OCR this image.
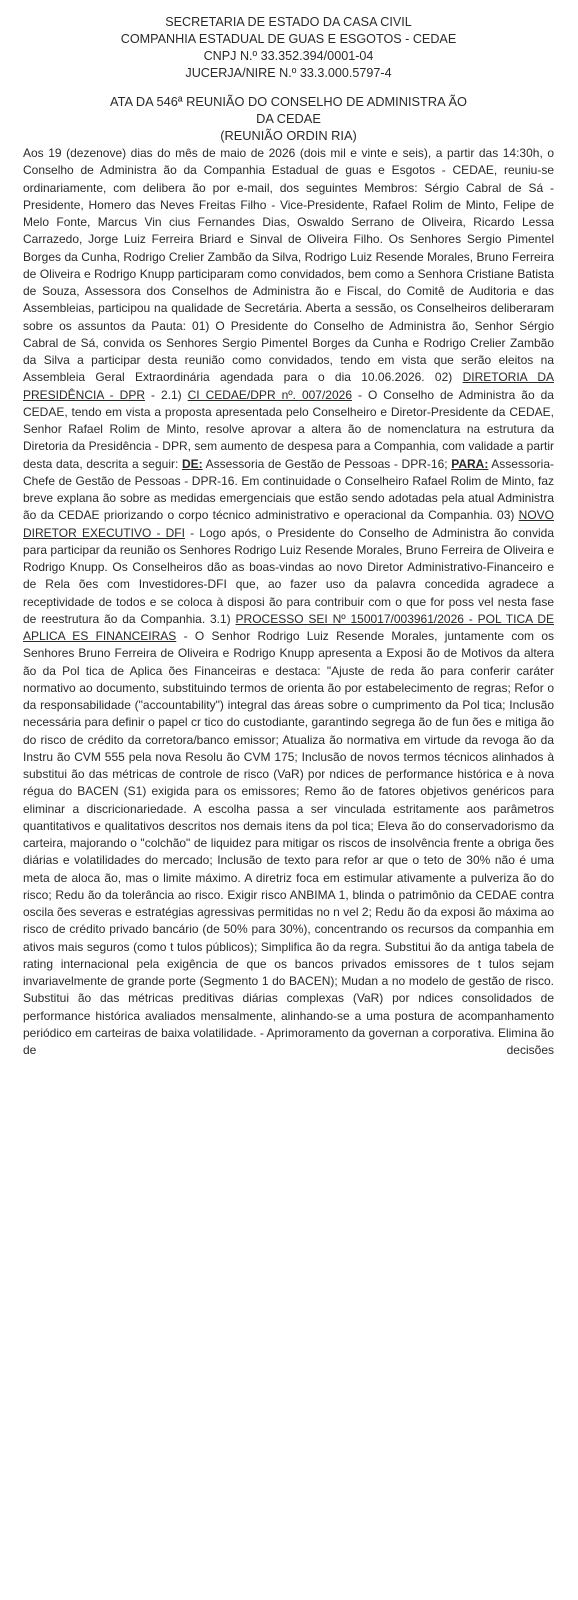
SECRETARIA DE ESTADO DA CASA CIVIL
COMPANHIA ESTADUAL DE GUAS E ESGOTOS - CEDAE
CNPJ N.º 33.352.394/0001-04
JUCERJA/NIRE N.º 33.3.000.5797-4
ATA DA 546ª REUNIÃO DO CONSELHO DE ADMINISTRA ÃO
DA CEDAE
(REUNIÃO ORDIN RIA)
Aos 19 (dezenove) dias do mês de maio de 2026 (dois mil e vinte e seis), a partir das 14:30h, o Conselho de Administra ão da Companhia Estadual de guas e Esgotos - CEDAE, reuniu-se ordinariamente, com delibera ão por e-mail, dos seguintes Membros: Sérgio Cabral de Sá - Presidente, Homero das Neves Freitas Filho - Vice-Presidente, Rafael Rolim de Minto, Felipe de Melo Fonte, Marcus Vin cius Fernandes Dias, Oswaldo Serrano de Oliveira, Ricardo Lessa Carrazedo, Jorge Luiz Ferreira Briard e Sinval de Oliveira Filho. Os Senhores Sergio Pimentel Borges da Cunha, Rodrigo Crelier Zambão da Silva, Rodrigo Luiz Resende Morales, Bruno Ferreira de Oliveira e Rodrigo Knupp participaram como convidados, bem como a Senhora Cristiane Batista de Souza, Assessora dos Conselhos de Administra ão e Fiscal, do Comitê de Auditoria e das Assembleias, participou na qualidade de Secretária. Aberta a sessão, os Conselheiros deliberaram sobre os assuntos da Pauta: 01) O Presidente do Conselho de Administra ão, Senhor Sérgio Cabral de Sá, convida os Senhores Sergio Pimentel Borges da Cunha e Rodrigo Crelier Zambão da Silva a participar desta reunião como convidados, tendo em vista que serão eleitos na Assembleia Geral Extraordinária agendada para o dia 10.06.2026. 02) DIRETORIA DA PRESIDÊNCIA - DPR - 2.1) CI CEDAE/DPR nº. 007/2026 - O Conselho de Administra ão da CEDAE, tendo em vista a proposta apresentada pelo Conselheiro e Diretor-Presidente da CEDAE, Senhor Rafael Rolim de Minto, resolve aprovar a altera ão de nomenclatura na estrutura da Diretoria da Presidência - DPR, sem aumento de despesa para a Companhia, com validade a partir desta data, descrita a seguir: DE: Assessoria de Gestão de Pessoas - DPR-16; PARA: Assessoria-Chefe de Gestão de Pessoas - DPR-16. Em continuidade o Conselheiro Rafael Rolim de Minto, faz breve explana ão sobre as medidas emergenciais que estão sendo adotadas pela atual Administra ão da CEDAE priorizando o corpo técnico administrativo e operacional da Companhia. 03) NOVO DIRETOR EXECUTIVO - DFI - Logo após, o Presidente do Conselho de Administra ão convida para participar da reunião os Senhores Rodrigo Luiz Resende Morales, Bruno Ferreira de Oliveira e Rodrigo Knupp. Os Conselheiros dão as boas-vindas ao novo Diretor Administrativo-Financeiro e de Rela ões com Investidores-DFI que, ao fazer uso da palavra concedida agradece a receptividade de todos e se coloca à disposi ão para contribuir com o que for poss vel nesta fase de reestrutura ão da Companhia. 3.1) PROCESSO SEI Nº 150017/003961/2026 - POL TICA DE APLICA ES FINANCEIRAS - O Senhor Rodrigo Luiz Resende Morales, juntamente com os Senhores Bruno Ferreira de Oliveira e Rodrigo Knupp apresenta a Exposi ão de Motivos da altera ão da Pol tica de Aplica ões Financeiras e destaca: "Ajuste de reda ão para conferir caráter normativo ao documento, substituindo termos de orienta ão por estabelecimento de regras; Refor o da responsabilidade ("accountability") integral das áreas sobre o cumprimento da Pol tica; Inclusão necessária para definir o papel cr tico do custodiante, garantindo segrega ão de fun ões e mitiga ão do risco de crédito da corretora/banco emissor; Atualiza ão normativa em virtude da revoga ão da Instru ão CVM 555 pela nova Resolu ão CVM 175; Inclusão de novos termos técnicos alinhados à substitui ão das métricas de controle de risco (VaR) por ndices de performance histórica e à nova régua do BACEN (S1) exigida para os emissores; Remo ão de fatores objetivos genéricos para eliminar a discricionariedade. A escolha passa a ser vinculada estritamente aos parâmetros quantitativos e qualitativos descritos nos demais itens da pol tica; Eleva ão do conservadorismo da carteira, majorando o "colchão" de liquidez para mitigar os riscos de insolvência frente a obriga ões diárias e volatilidades do mercado; Inclusão de texto para refor ar que o teto de 30% não é uma meta de aloca ão, mas o limite máximo. A diretriz foca em estimular ativamente a pulveriza ão do risco; Redu ão da tolerância ao risco. Exigir risco ANBIMA 1, blinda o patrimônio da CEDAE contra oscila ões severas e estratégias agressivas permitidas no n vel 2; Redu ão da exposi ão máxima ao risco de crédito privado bancário (de 50% para 30%), concentrando os recursos da companhia em ativos mais seguros (como t tulos públicos); Simplifica ão da regra. Substitui ão da antiga tabela de rating internacional pela exigência de que os bancos privados emissores de t tulos sejam invariavelmente de grande porte (Segmento 1 do BACEN); Mudan a no modelo de gestão de risco. Substitui ão das métricas preditivas diárias complexas (VaR) por ndices consolidados de performance histórica avaliados mensalmente, alinhando-se a uma postura de acompanhamento periódico em carteiras de baixa volatilidade. - Aprimoramento da governan a corporativa. Elimina ão de decisões
